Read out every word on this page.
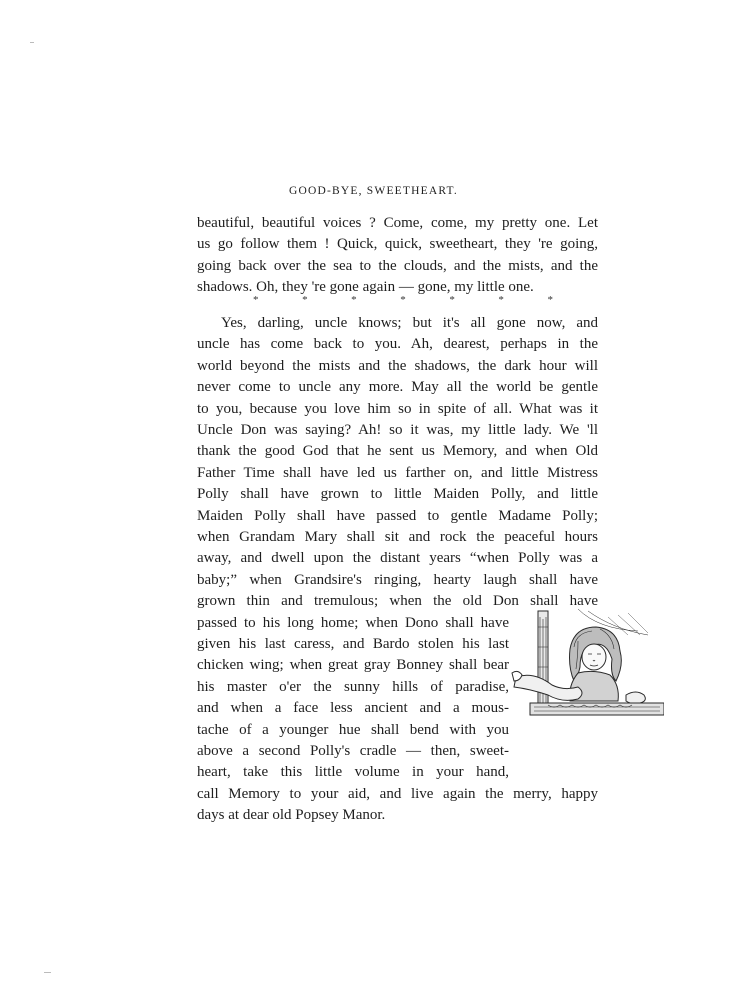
GOOD-BYE, SWEETHEART.
beautiful, beautiful voices ? Come, come, my pretty one. Let
us go follow them ! Quick, quick, sweetheart, they 're going,
going back over the sea to the clouds, and the mists, and the
shadows. Oh, they 're gone again — gone, my little one.
*	*	*	*	*	*	*
Yes, darling, uncle knows; but it's all gone now, and
uncle has come back to you. Ah, dearest, perhaps in the
world beyond the mists and the shadows, the dark hour will
never come to uncle any more. May all the world be gentle
to you, because you love him so in spite of all. What was it
Uncle Don was saying? Ah! so it was, my little lady. We 'll
thank the good God that he sent us Memory, and when Old
Father Time shall have led us farther on, and little Mistress
Polly shall have grown to little Maiden Polly, and little
Maiden Polly shall have passed to gentle Madame Polly;
when Grandam Mary shall sit and rock the peaceful hours
away, and dwell upon the distant years “when Polly was a
baby;” when Grandsire's ringing, hearty laugh shall have
grown thin and tremulous; when the old Don shall have
passed to his long home; when Dono shall have
given his last caress, and Bardo stolen his last
chicken wing; when great gray Bonney shall bear
his master o'er the sunny hills of paradise,
and when a face less ancient and a mous-
tache of a younger hue shall bend with you
above a second Polly's cradle — then, sweet-
heart, take this little volume in your hand,
call Memory to your aid, and live again the merry, happy
days at dear old Popsey Manor.
